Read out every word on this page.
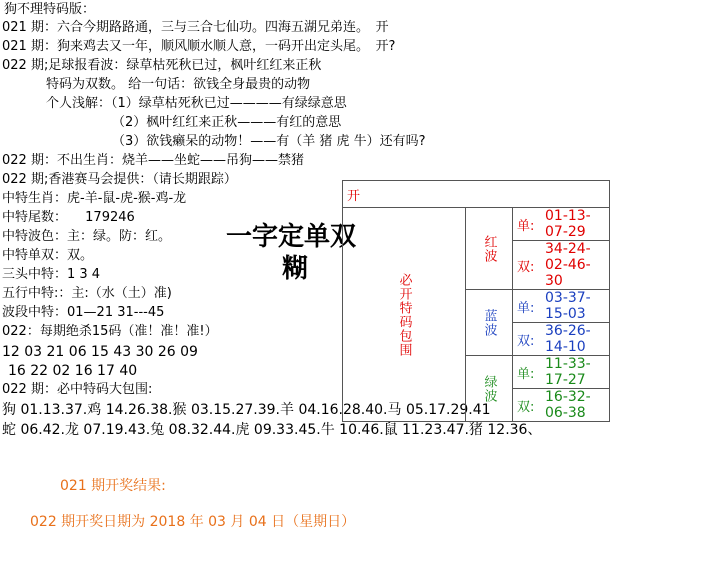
狗不理特码版：
021 期：六合今期路路通，三与三合七仙功。四海五湖兄弟连。　开
021 期：狗来鸡去又一年，顺风顺水顺人意，一码开出定头尾。　开?
022 期;足球报看波：绿草枯死秋已过，枫叶红红来正秋
特码为双数。 给一句话：欲钱全身最贵的动物
个人浅解：（1）绿草枯死秋已过————有绿绿意思
（2）枫叶红红来正秋———有红的意思
（3）欲钱癞呆的动物！——有（羊 猪 虎 牛）还有吗?
022 期：不出生肖：烧羊——坐蛇——吊狗——禁猪
022 期;香港赛马会提供：（请长期跟踪）
中特生肖：虎-羊-鼠-虎-猴-鸡-龙
中特尾数： 179246
中特波色：主：绿。防：红。
中特单双：双。
三头中特：1 3 4
五行中特:：主:（水（土）准)
波段中特：01—21 31---45
022：每期绝杀15码（准！准！准!）
12 03 21 06 15 43 30 26 09
16 22 02 16 17 40
022 期：必中特码大包围:
狗 01.13.37.鸡 14.26.38.猴 03.15.27.39.羊 04.16.28.40.马 05.17.29.41
蛇 06.42.龙 07.19.43.兔 08.32.44.虎 09.33.45.牛 10.46.鼠 11.23.47.猪 12.36、
一字定单双
糊
开			
必开特码包围	红波	单:	01-13-07-29
		双:	34-24-02-46-30
	蓝波	单:	03-37-15-03
		双:	36-26-14-10
	绿波	单:	11-33-17-27
		双:	16-32-06-38
021 期开奖结果:
022 期开奖日期为 2018 年 03 月 04 日（星期日）
